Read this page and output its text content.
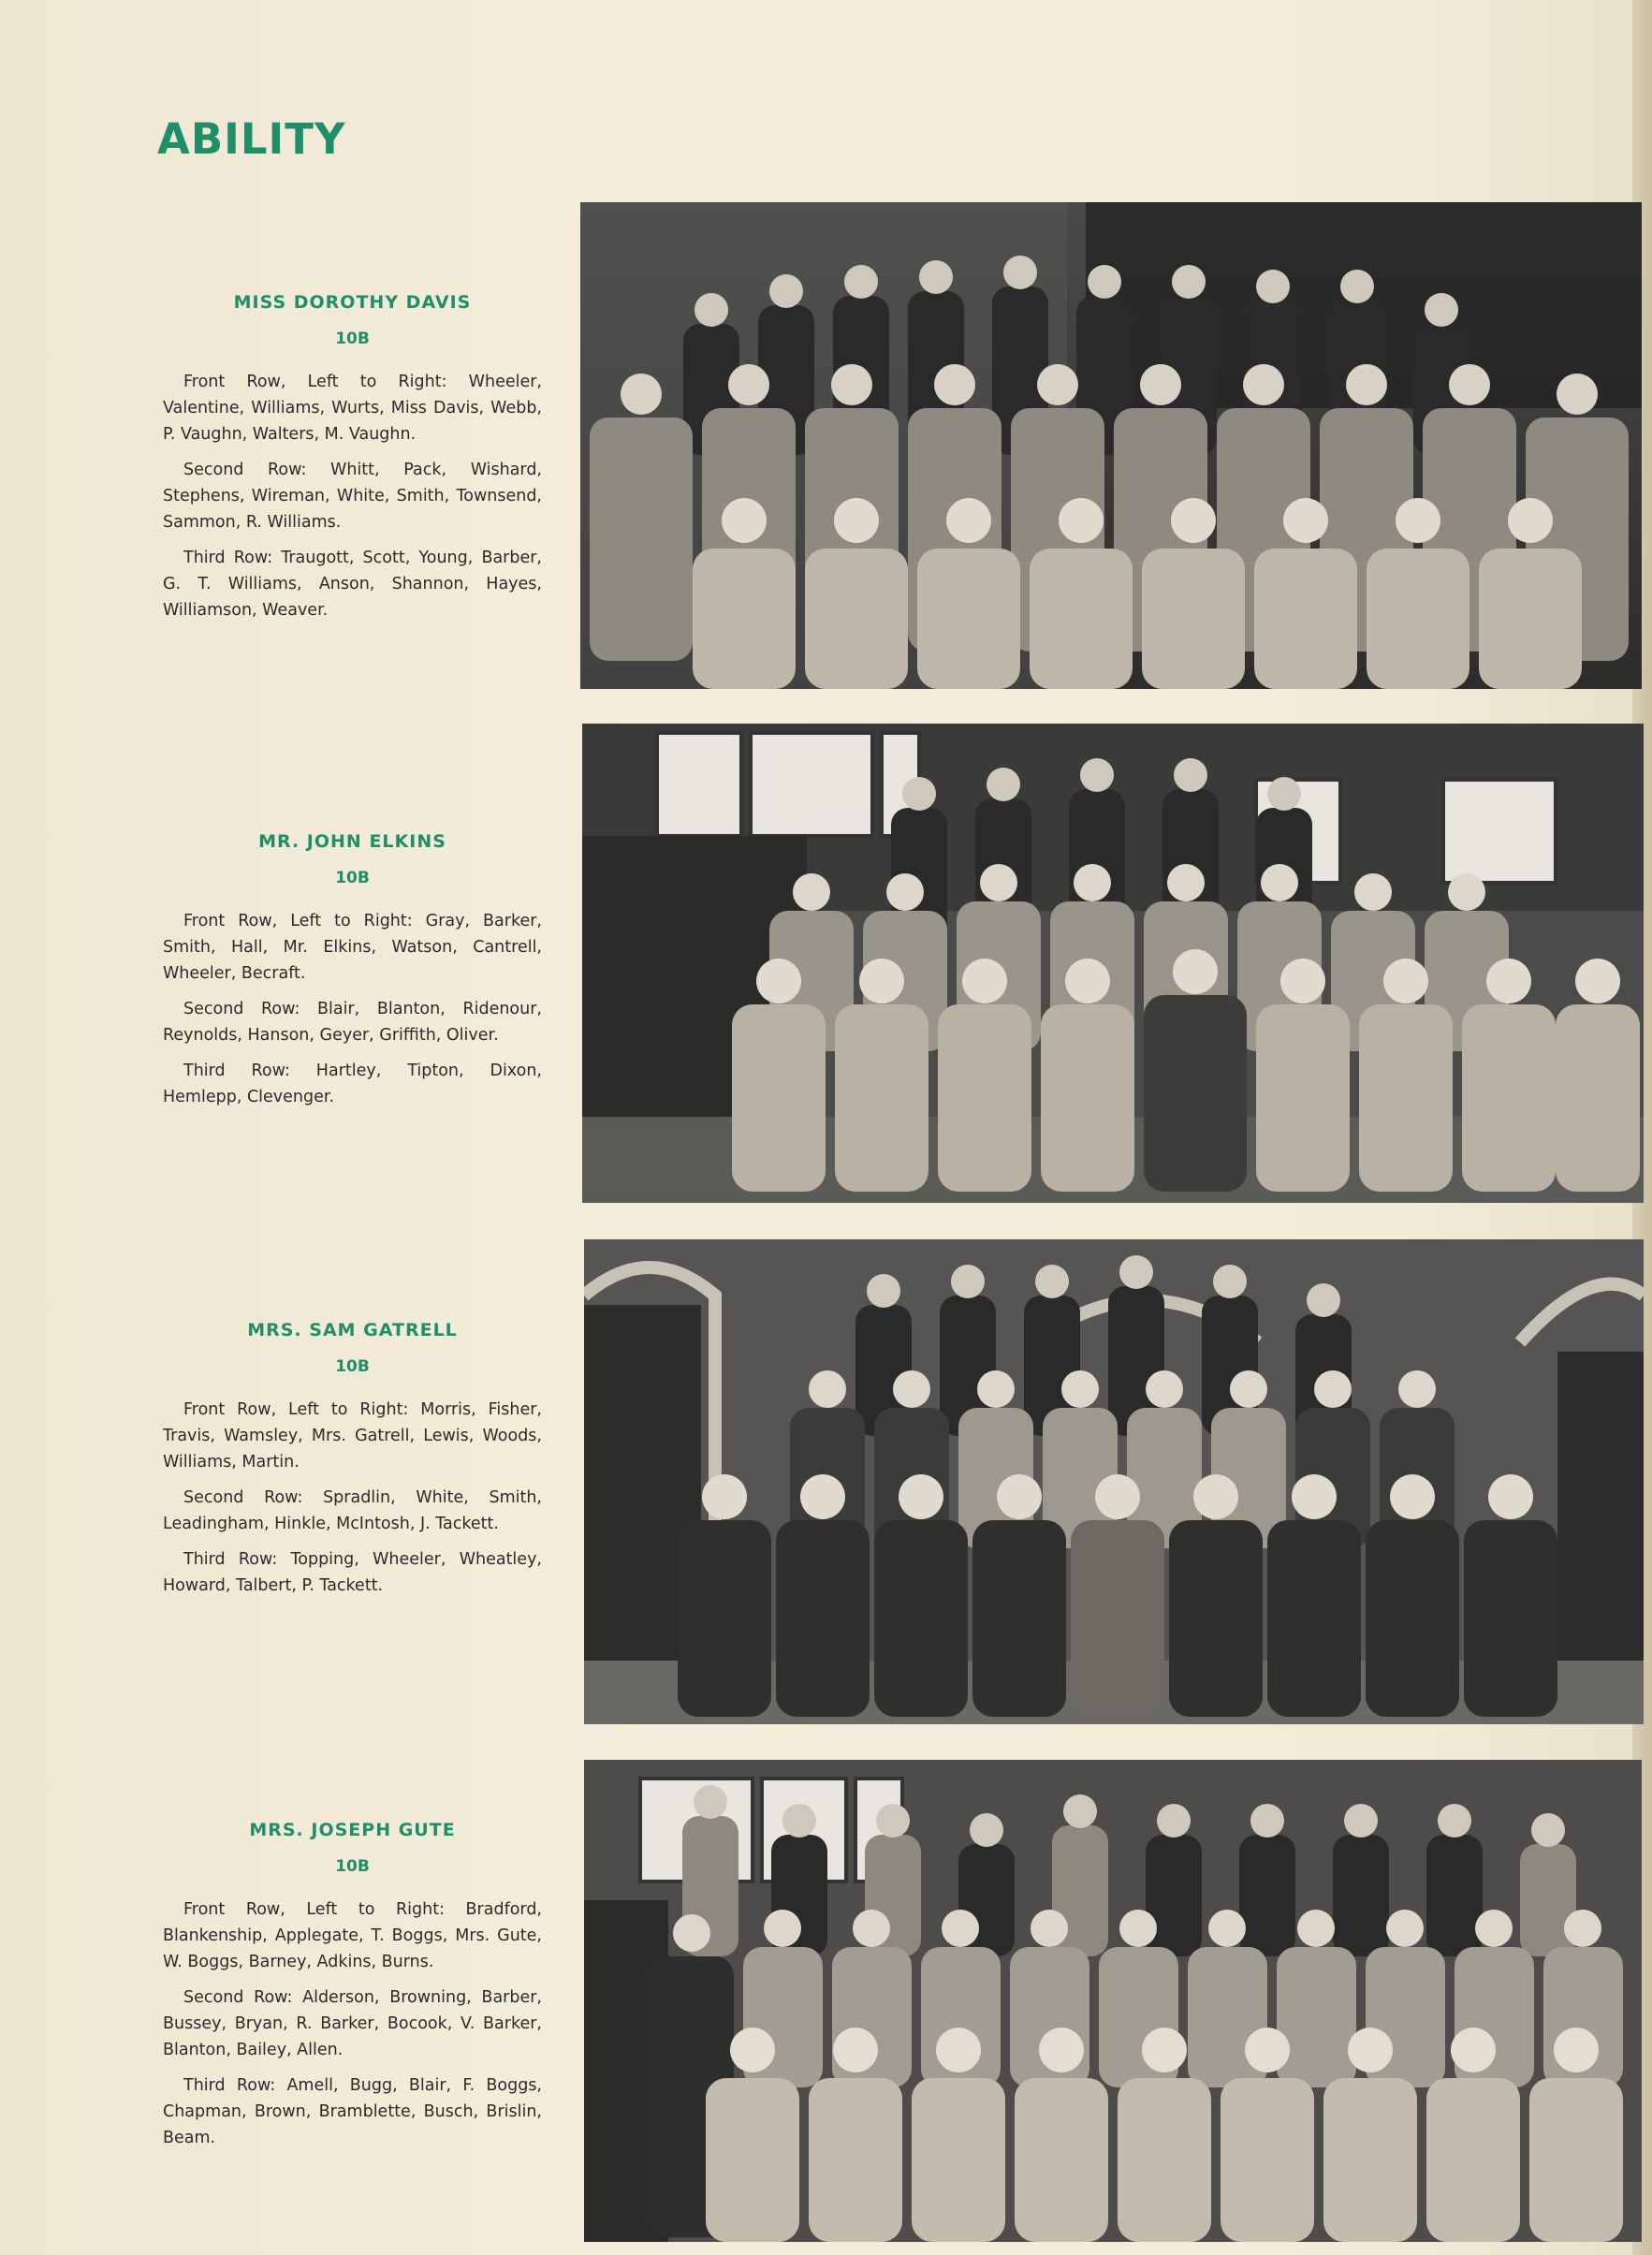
ABILITY

MISS DOROTHY DAVIS

10B

Front Row, Left to Right: Wheeler, Valentine, Williams, Wurts, Miss Davis, Webb, P. Vaughn, Walters, M. Vaughn.

Second Row: Whitt, Pack, Wishard, Stephens, Wireman, White, Smith, Townsend, Sammon, R. Williams.

Third Row: Traugott, Scott, Young, Barber, G. T. Williams, Anson, Shannon, Hayes, Williamson, Weaver.

MR. JOHN ELKINS

10B

Front Row, Left to Right: Gray, Barker, Smith, Hall, Mr. Elkins, Watson, Cantrell, Wheeler, Becraft.

Second Row: Blair, Blanton, Ridenour, Reynolds, Hanson, Geyer, Griffith, Oliver.

Third Row: Hartley, Tipton, Dixon, Hemlepp, Clevenger.

MRS. SAM GATRELL

10B

Front Row, Left to Right: Morris, Fisher, Travis, Wamsley, Mrs. Gatrell, Lewis, Woods, Williams, Martin.

Second Row: Spradlin, White, Smith, Leadingham, Hinkle, McIntosh, J. Tackett.

Third Row: Topping, Wheeler, Wheatley, Howard, Talbert, P. Tackett.

MRS. JOSEPH GUTE

10B

Front Row, Left to Right: Bradford, Blankenship, Applegate, T. Boggs, Mrs. Gute, W. Boggs, Barney, Adkins, Burns.

Second Row: Alderson, Browning, Barber, Bussey, Bryan, R. Barker, Bocook, V. Barker, Blanton, Bailey, Allen.

Third Row: Amell, Bugg, Blair, F. Boggs, Chapman, Brown, Bramblette, Busch, Brislin, Beam.
